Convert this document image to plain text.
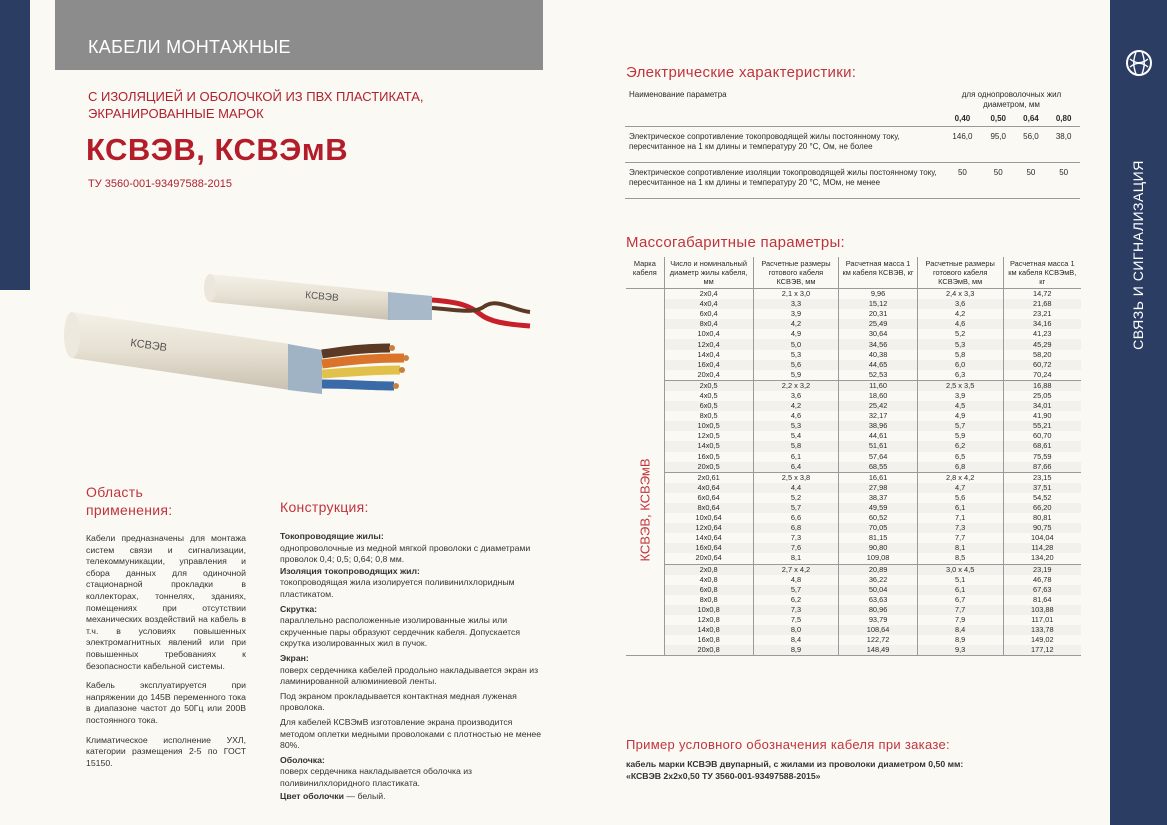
КАБЕЛИ МОНТАЖНЫЕ
С ИЗОЛЯЦИЕЙ И ОБОЛОЧКОЙ ИЗ ПВХ ПЛАСТИКАТА,
ЭКРАНИРОВАННЫЕ МАРОК
КСВЭВ, КСВЭмВ
ТУ 3560-001-93497588-2015
КСВЭВ
КСВЭВ
Область
применения:

Кабели предназначены для монтажа систем связи и сигнализации, телекоммуникации, управления и сбора данных для одиночной стационарной прокладки в коллекторах, тоннелях, зданиях, помещениях при отсутствии механических воздействий на кабель в т.ч. в условиях повышенных электромагнитных явлений или при повышенных требованиях к безопасности кабельной системы.

Кабель эксплуатируется при напряжении до 145В переменного тока в диапазоне частот до 50Гц или 200В постоянного тока.

Климатическое исполнение УХЛ, категории размещения 2-5 по ГОСТ 15150.

Конструкция:
Токопроводящие жилы:
однопроволочные из медной мягкой проволоки с диаметрами проволок 0,4; 0,5; 0,64; 0,8 мм.
Изоляция токопроводящих жил:
токопроводящая жила изолируется поливинилхлоридным пластикатом.
Скрутка:
параллельно расположенные изолированные жилы или скрученные пары образуют сердечник кабеля. Допускается скрутка изолированных жил в пучок.
Экран:
поверх сердечника кабелей продольно накладывается экран из ламинированной алюминиевой ленты.
Под экраном прокладывается контактная медная луженая проволока.
Для кабелей КСВЭмВ изготовление экрана производится методом оплетки медными проволоками с плотностью не менее 80%.
Оболочка:
поверх сердечника накладывается оболочка из поливинилхлоридного пластиката.
Цвет оболочки — белый.
Электрические характеристики:
Наименование параметра	для однопроволочных жил диаметром, мм			
	0,40	0,50	0,64	0,80
Электрическое сопротивление токопроводящей жилы постоянному току, пересчитанное на 1 км длины и температуру 20 °С, Ом, не более	146,0	95,0	56,0	38,0
Электрическое сопротивление изоляции токопроводящей жилы постоянному току, пересчитанное на 1 км длины и температуру 20 °С, МОм, не менее	50	50	50	50
Массогабаритные параметры:
Марка кабеля	Число и номинальный диаметр жилы кабеля, мм	Расчетные размеры готового кабеля КСВЭВ, мм	Расчетная масса 1 км кабеля КСВЭВ, кг	Расчетные размеры готового кабеля КСВЭмВ, мм	Расчетная масса 1 км кабеля КСВЭмВ, кг
	2х0,4	2,1 х 3,0	9,96	2,4 х 3,3	14,72
	4х0,4	3,3	15,12	3,6	21,68
	6х0,4	3,9	20,31	4,2	23,21
	8х0,4	4,2	25,49	4,6	34,16
	10х0,4	4,9	30,64	5,2	41,23
	12х0,4	5,0	34,56	5,3	45,29
	14х0,4	5,3	40,38	5,8	58,20
	16х0,4	5,6	44,65	6,0	60,72
	20х0,4	5,9	52,53	6,3	70,24
	2х0,5	2,2 х 3,2	11,60	2,5 х 3,5	16,88
	4х0,5	3,6	18,60	3,9	25,05
	6х0,5	4,2	25,42	4,5	34,01
	8х0,5	4,6	32,17	4,9	41,90
	10х0,5	5,3	38,96	5,7	55,21
	12х0,5	5,4	44,61	5,9	60,70
	14х0,5	5,8	51,61	6,2	68,61
	16х0,5	6,1	57,64	6,5	75,59
	20х0,5	6,4	68,55	6,8	87,66
	2х0,61	2,5 х 3,8	16,61	2,8 х 4,2	23,15
	4х0,64	4,4	27,98	4,7	37,51
	6х0,64	5,2	38,37	5,6	54,52
	8х0,64	5,7	49,59	6,1	66,20
	10х0,64	6,6	60,52	7,1	80,81
	12х0,64	6,8	70,05	7,3	90,75
	14х0,64	7,3	81,15	7,7	104,04
	16х0,64	7,6	90,80	8,1	114,28
	20х0,64	8,1	109,08	8,5	134,20
	2х0,8	2,7 х 4,2	20,89	3,0 х 4,5	23,19
	4х0,8	4,8	36,22	5,1	46,78
	6х0,8	5,7	50,04	6,1	67,63
	8х0,8	6,2	63,63	6,7	81,64
	10х0,8	7,3	80,96	7,7	103,88
	12х0,8	7,5	93,79	7,9	117,01
	14х0,8	8,0	108,64	8,4	133,78
	16х0,8	8,4	122,72	8,9	149,02
	20х0,8	8,9	148,49	9,3	177,12
КСВЭВ, КСВЭмВ
Пример условного обозначения кабеля при заказе:
кабель марки КСВЭВ двупарный, с жилами из проволоки диаметром 0,50 мм:
«КСВЭВ 2х2х0,50 ТУ 3560-001-93497588-2015»
СВЯЗЬ И СИГНАЛИЗАЦИЯ
